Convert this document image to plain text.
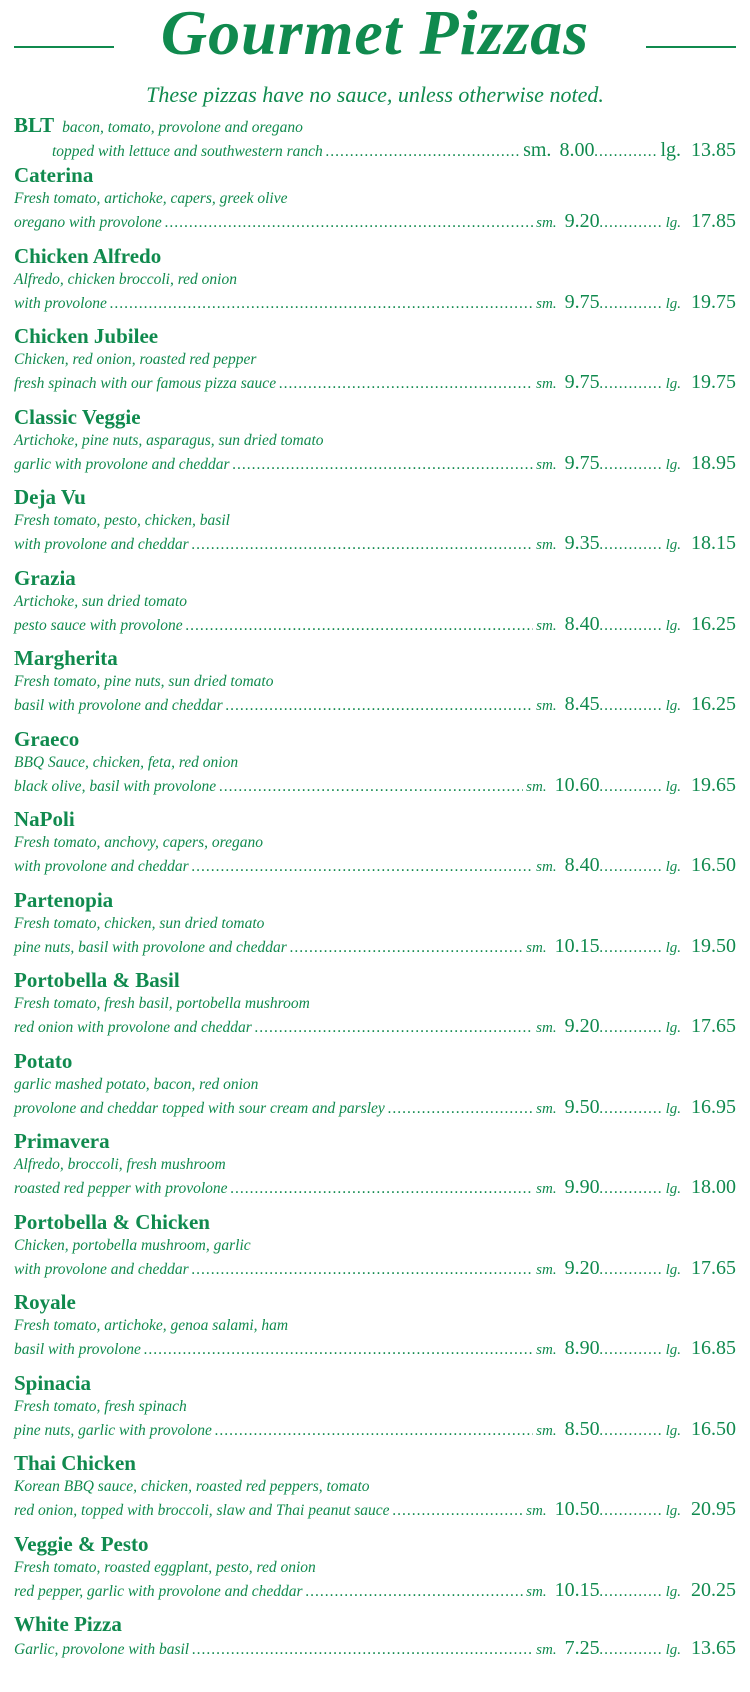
Gourmet Pizzas
These pizzas have no sauce, unless otherwise noted.
BLT bacon, tomato, provolone and oregano
topped with lettuce and southwestern ranch .....	sm. 8.00 .....	lg. 13.85
Caterina
Fresh tomato, artichoke, capers, greek olive
oregano with provolone .....	sm. 9.20 .....	lg. 17.85
Chicken Alfredo
Alfredo, chicken broccoli, red onion
with provolone .....	sm. 9.75 .....	lg. 19.75
Chicken Jubilee
Chicken, red onion, roasted red pepper
fresh spinach with our famous pizza sauce .....	sm. 9.75 .....	lg. 19.75
Classic Veggie
Artichoke, pine nuts, asparagus, sun dried tomato
garlic with provolone and cheddar .....	sm. 9.75 .....	lg. 18.95
Deja Vu
Fresh tomato, pesto, chicken, basil
with provolone and cheddar .....	sm. 9.35 .....	lg. 18.15
Grazia
Artichoke, sun dried tomato
pesto sauce with provolone .....	sm. 8.40 .....	lg. 16.25
Margherita
Fresh tomato, pine nuts, sun dried tomato
basil with provolone and cheddar .....	sm. 8.45 .....	lg. 16.25
Graeco
BBQ Sauce, chicken, feta, red onion
black olive, basil with provolone .....	sm. 10.60 .....	lg. 19.65
NaPoli
Fresh tomato, anchovy, capers, oregano
with provolone and cheddar .....	sm. 8.40 .....	lg. 16.50
Partenopia
Fresh tomato, chicken, sun dried tomato
pine nuts, basil with provolone and cheddar .....	sm. 10.15 .....	lg. 19.50
Portobella & Basil
Fresh tomato, fresh basil, portobella mushroom
red onion with provolone and cheddar .....	sm. 9.20 .....	lg. 17.65
Potato
garlic mashed potato, bacon, red onion
provolone and cheddar topped with sour cream and parsley .....	sm. 9.50 .....	lg. 16.95
Primavera
Alfredo, broccoli, fresh mushroom
roasted red pepper with provolone .....	sm. 9.90 .....	lg. 18.00
Portobella & Chicken
Chicken, portobella mushroom, garlic
with provolone and cheddar .....	sm. 9.20 .....	lg. 17.65
Royale
Fresh tomato, artichoke, genoa salami, ham
basil with provolone .....	sm. 8.90 .....	lg. 16.85
Spinacia
Fresh tomato, fresh spinach
pine nuts, garlic with provolone .....	sm. 8.50 .....	lg. 16.50
Thai Chicken
Korean BBQ sauce, chicken, roasted red peppers, tomato
red onion, topped with broccoli, slaw and Thai peanut sauce .....	sm. 10.50 .....	lg. 20.95
Veggie & Pesto
Fresh tomato, roasted eggplant, pesto, red onion
red pepper, garlic with provolone and cheddar .....	sm. 10.15 .....	lg. 20.25
White Pizza
Garlic, provolone with basil .....	sm. 7.25 .....	lg. 13.65
